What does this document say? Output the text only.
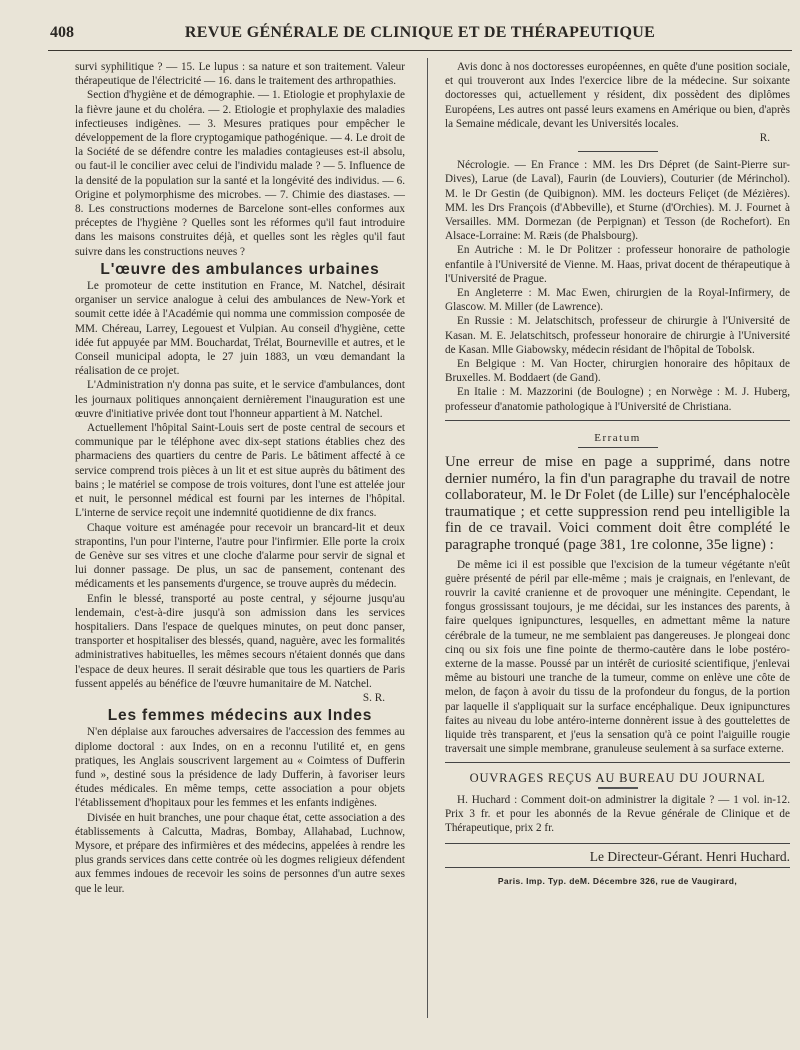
408	REVUE GÉNÉRALE DE CLINIQUE ET DE THÉRAPEUTIQUE

survi syphilitique ? — 15. Le lupus : sa nature et son traitement. Valeur thérapeutique de l'électricité — 16. dans le traitement des arthropathies.

Section d'hygiène et de démographie. — 1. Etiologie et prophylaxie de la fièvre jaune et du choléra. — 2. Etiologie et prophylaxie des maladies infectieuses indigènes. — 3. Mesures pratiques pour empêcher le développement de la flore cryptogamique pathogénique. — 4. Le droit de la Société de se défendre contre les maladies contagieuses est-il absolu, ou faut-il le concilier avec celui de l'individu malade ? — 5. Influence de la densité de la population sur la santé et la longévité des individus. — 6. Origine et polymorphisme des microbes. — 7. Chimie des diastases. — 8. Les constructions modernes de Barcelone sont-elles conformes aux préceptes de l'hygiène ? Quelles sont les réformes qu'il faut introduire dans les maisons construites déjà, et quelles sont les règles qu'il faut suivre dans les constructions neuves ?

L'œuvre des ambulances urbaines

Le promoteur de cette institution en France, M. Natchel, désirait organiser un service analogue à celui des ambulances de New-York et soumit cette idée à l'Académie qui nomma une commission composée de MM. Chéreau, Larrey, Legouest et Vulpian. Au conseil d'hygiène, cette idée fut appuyée par MM. Bouchardat, Trélat, Bourneville et autres, et le Conseil municipal adopta, le 27 juin 1883, un vœu demandant la réalisation de ce projet.

L'Administration n'y donna pas suite, et le service d'ambulances, dont les journaux politiques annonçaient dernièrement l'inauguration est une œuvre d'initiative privée dont tout l'honneur appartient à M. Natchel.

Actuellement l'hôpital Saint-Louis sert de poste central de secours et communique par le téléphone avec dix-sept stations établies chez des pharmaciens des quartiers du centre de Paris. Le bâtiment affecté à ce service comprend trois pièces à un lit et est situe auprès du bâtiment des bains ; le matériel se compose de trois voitures, dont l'une est attelée jour et nuit, le personnel médical est fourni par les internes de l'hôpital. L'interne de service reçoit une indemnité quotidienne de dix francs.

Chaque voiture est aménagée pour recevoir un brancard-lit et deux strapontins, l'un pour l'interne, l'autre pour l'infirmier. Elle porte la croix de Genève sur ses vitres et une cloche d'alarme pour servir de signal et lui donner passage. De plus, un sac de pansement, contenant des médicaments et les pansements d'urgence, se trouve auprès du médecin.

Enfin le blessé, transporté au poste central, y séjourne jusqu'au lendemain, c'est-à-dire jusqu'à son admission dans les services hospitaliers. Dans l'espace de quelques minutes, on peut donc panser, transporter et hospitaliser des blessés, quand, naguère, avec les formalités administratives habituelles, les mêmes secours n'étaient donnés que dans l'espace de deux heures. Il serait désirable que tous les quartiers de Paris fussent appelés au bénéfice de l'œuvre humanitaire de M. Natchel.

S. R.
Les femmes médecins aux Indes

N'en déplaise aux farouches adversaires de l'accession des femmes au diplome doctoral : aux Indes, on en a reconnu l'utilité et, en gens pratiques, les Anglais souscrivent largement au « Coimtess of Dufferin fund », destiné sous la présidence de lady Dufferin, à favoriser leurs études médicales. En même temps, cette association a pour objets l'établissement d'hopitaux pour les femmes et les enfants indigènes.

Divisée en huit branches, une pour chaque état, cette association a des établissements à Calcutta, Madras, Bombay, Allahabad, Luchnow, Mysore, et prépare des infirmières et des médecins, appelées à rendre les plus grands services dans cette contrée où les dogmes religieux défendent aux femmes indoues de recevoir les soins de personnes d'un autre sexes que le leur.

Avis donc à nos doctoresses européennes, en quête d'une position sociale, et qui trouveront aux Indes l'exercice libre de la médecine. Sur soixante doctoresses qui, actuellement y résident, dix possèdent des diplômes Européens, Les autres ont passé leurs examens en Amérique ou bien, d'après la Semaine médicale, devant les Universités locales.

R.

Nécrologie. — En France : MM. les Drs Dépret (de Saint-Pierre sur-Dives), Larue (de Laval), Faurin (de Louviers), Couturier (de Mérinchol). M. le Dr Gestin (de Quibignon). MM. les docteurs Feliçet (de Mézières). MM. les Drs François (d'Abbeville), et Sturne (d'Orchies). M. J. Fournet à Versailles. MM. Dormezan (de Perpignan) et Tesson (de Rochefort). En Alsace-Lorraine: M. Ræis (de Phalsbourg).

En Autriche : M. le Dr Politzer : professeur honoraire de pathologie enfantile à l'Université de Vienne. M. Haas, privat docent de thérapeutique à l'Université de Prague.

En Angleterre : M. Mac Ewen, chirurgien de la Royal-Infirmery, de Glascow. M. Miller (de Lawrence).

En Russie : M. Jelatschitsch, professeur de chirurgie à l'Université de Kasan. M. E. Jelatschitsch, professeur honoraire de chirurgie à l'Université de Kasan. Mlle Giabowsky, médecin résidant de l'hôpital de Tobolsk.

En Belgique : M. Van Hocter, chirurgien honoraire des hôpitaux de Bruxelles. M. Boddaert (de Gand).

En Italie : M. Mazzorini (de Boulogne) ; en Norwège : M. J. Huberg, professeur d'anatomie pathologique à l'Université de Christiana.

Erratum

Une erreur de mise en page a supprimé, dans notre dernier numéro, la fin d'un paragraphe du travail de notre collaborateur, M. le Dr Folet (de Lille) sur l'encéphalocèle traumatique ; et cette suppression rend peu intelligible la fin de ce travail. Voici comment doit être complété le paragraphe tronqué (page 381, 1re colonne, 35e ligne) :

De même ici il est possible que l'excision de la tumeur végétante n'eût guère présenté de péril par elle-même ; mais je craignais, en l'enlevant, de rouvrir la cavité cranienne et de provoquer une méningite. Cependant, le fongus grossissant toujours, je me décidai, sur les instances des parents, à faire quelques ignipunctures, lesquelles, en admettant même la nature cérébrale de la tumeur, ne me semblaient pas dangereuses. Je plongeai donc cinq ou six fois une fine pointe de thermo-cautère dans le lobe postéro-externe de la masse. Poussé par un intérêt de curiosité scientifique, j'enlevai même au bistouri une tranche de la tumeur, comme on enlève une côte de melon, de façon à avoir du tissu de la profondeur du fongus, de la portion par laquelle il s'appliquait sur la surface encéphalique. Deux ignipunctures faites au niveau du lobe antéro-interne donnèrent issue à des gouttelettes de liquide très transparent, et j'eus la sensation qu'à ce point l'aiguille rougie traversait une simple membrane, granuleuse seulement à sa surface externe.

OUVRAGES REÇUS AU BUREAU DU JOURNAL

H. Huchard : Comment doit-on administrer la digitale ? — 1 vol. in-12. Prix 3 fr. et pour les abonnés de la Revue générale de Clinique et de Thérapeutique, prix 2 fr.

Le Directeur-Gérant. Henri Huchard.
Paris. Imp. Typ. deM. Décembre 326, rue de Vaugirard,
